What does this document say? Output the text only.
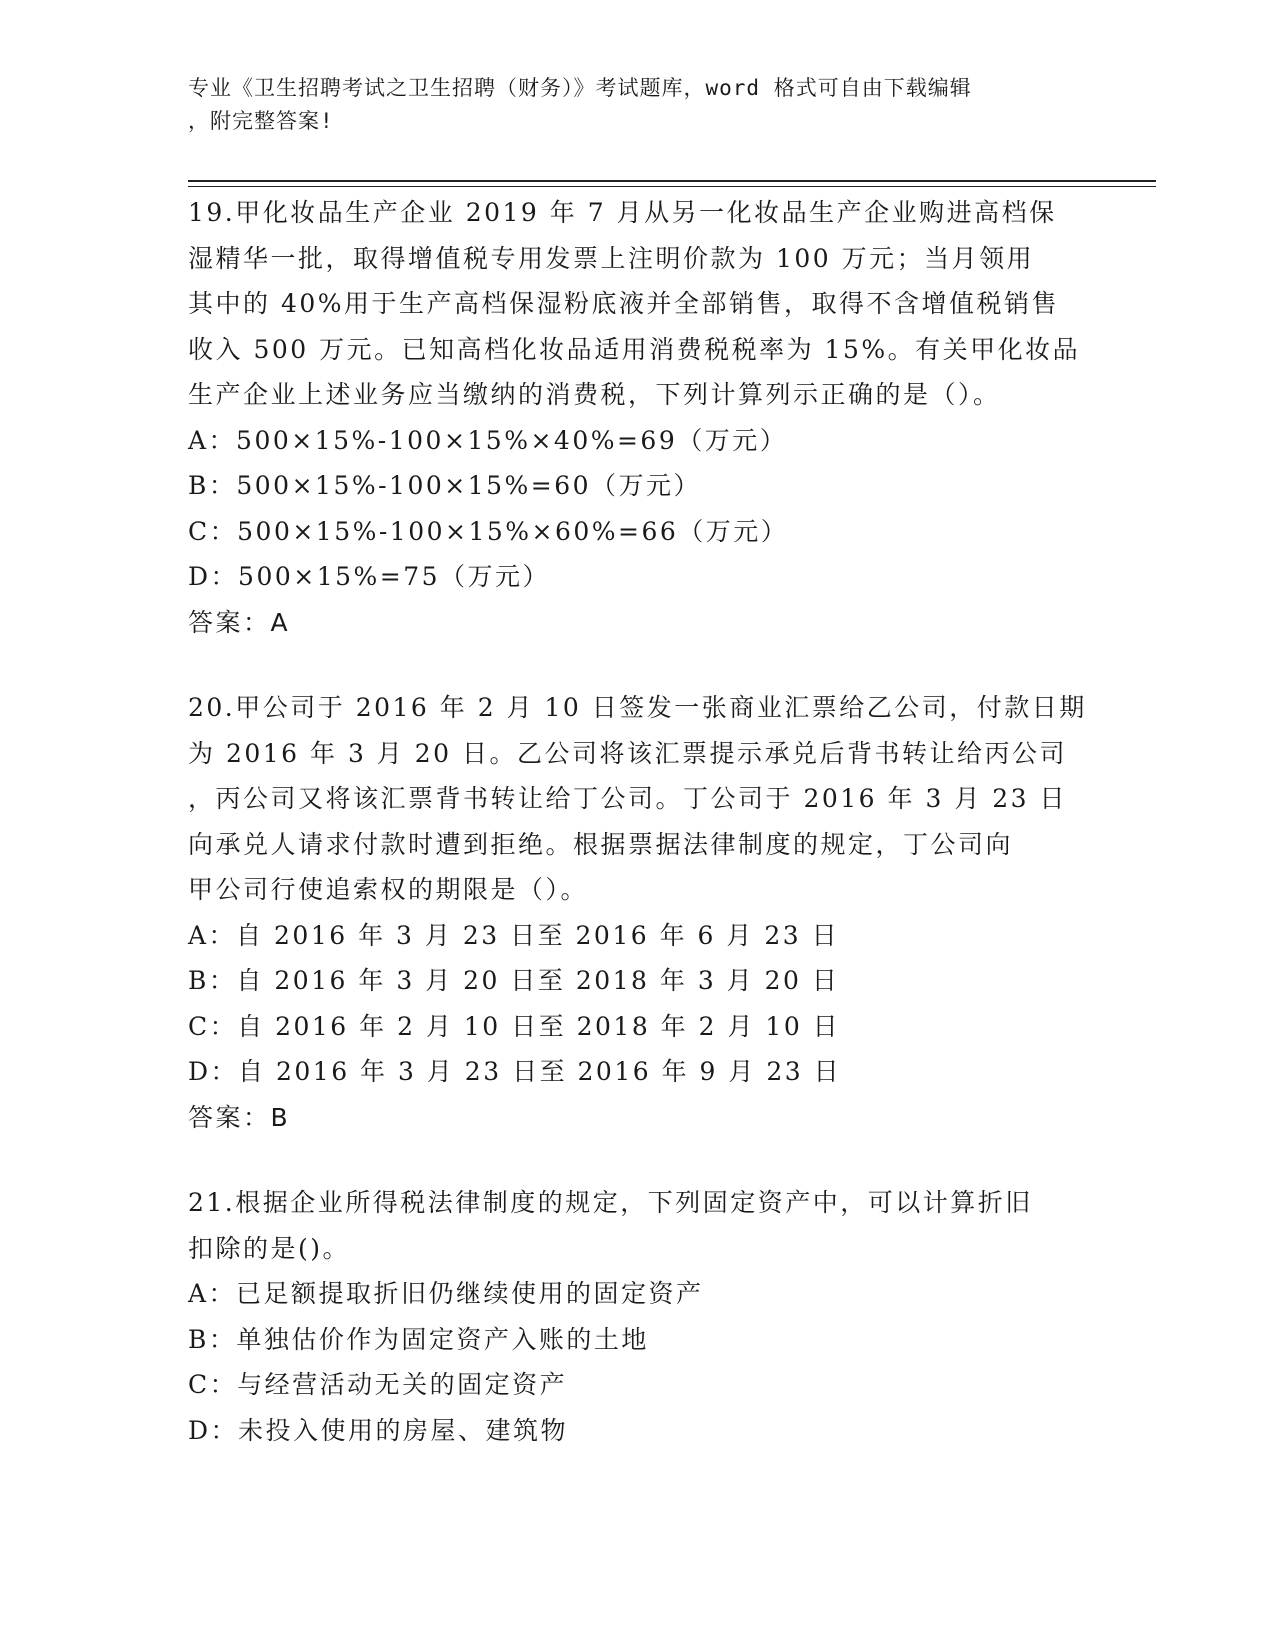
专业《卫生招聘考试之卫生招聘（财务）》考试题库，word 格式可自由下载编辑
，附完整答案!
19.甲化妆品生产企业 2019 年 7 月从另一化妆品生产企业购进高档保
湿精华一批，取得增值税专用发票上注明价款为 100 万元；当月领用
其中的 40%用于生产高档保湿粉底液并全部销售，取得不含增值税销售
收入 500 万元。已知高档化妆品适用消费税税率为 15%。有关甲化妆品
生产企业上述业务应当缴纳的消费税，下列计算列示正确的是（）。
A：500×15%-100×15%×40%=69（万元）
B：500×15%-100×15%=60（万元）
C：500×15%-100×15%×60%=66（万元）
D：500×15%=75（万元）
答案：A
20.甲公司于 2016 年 2 月 10 日签发一张商业汇票给乙公司，付款日期
为 2016 年 3 月 20 日。乙公司将该汇票提示承兑后背书转让给丙公司
，丙公司又将该汇票背书转让给丁公司。丁公司于 2016 年 3 月 23 日
向承兑人请求付款时遭到拒绝。根据票据法律制度的规定，丁公司向
甲公司行使追索权的期限是（）。
A：自 2016 年 3 月 23 日至 2016 年 6 月 23 日
B：自 2016 年 3 月 20 日至 2018 年 3 月 20 日
C：自 2016 年 2 月 10 日至 2018 年 2 月 10 日
D：自 2016 年 3 月 23 日至 2016 年 9 月 23 日
答案：B
21.根据企业所得税法律制度的规定，下列固定资产中，可以计算折旧
扣除的是()。
A：已足额提取折旧仍继续使用的固定资产
B：单独估价作为固定资产入账的土地
C：与经营活动无关的固定资产
D：未投入使用的房屋、建筑物
